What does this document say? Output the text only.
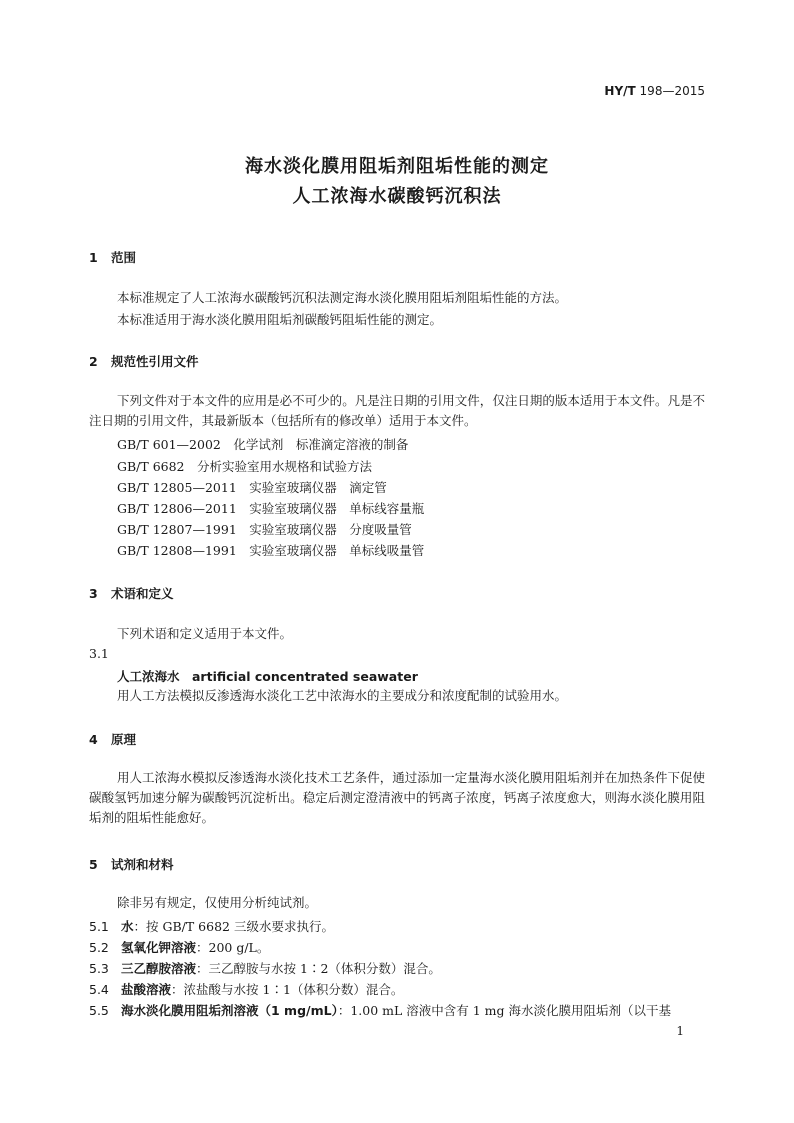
HY/T 198—2015
海水淡化膜用阻垢剂阻垢性能的测定
人工浓海水碳酸钙沉积法
1 范围
本标准规定了人工浓海水碳酸钙沉积法测定海水淡化膜用阻垢剂阻垢性能的方法。
本标准适用于海水淡化膜用阻垢剂碳酸钙阻垢性能的测定。
2 规范性引用文件
下列文件对于本文件的应用是必不可少的。凡是注日期的引用文件，仅注日期的版本适用于本文件。凡是不注日期的引用文件，其最新版本（包括所有的修改单）适用于本文件。
GB/T 601—2002　化学试剂　标准滴定溶液的制备
GB/T 6682　分析实验室用水规格和试验方法
GB/T 12805—2011　实验室玻璃仪器　滴定管
GB/T 12806—2011　实验室玻璃仪器　单标线容量瓶
GB/T 12807—1991　实验室玻璃仪器　分度吸量管
GB/T 12808—1991　实验室玻璃仪器　单标线吸量管
3 术语和定义
下列术语和定义适用于本文件。
3.1
人工浓海水　artificial concentrated seawater
用人工方法模拟反渗透海水淡化工艺中浓海水的主要成分和浓度配制的试验用水。
4 原理
用人工浓海水模拟反渗透海水淡化技术工艺条件，通过添加一定量海水淡化膜用阻垢剂并在加热条件下促使碳酸氢钙加速分解为碳酸钙沉淀析出。稳定后测定澄清液中的钙离子浓度，钙离子浓度愈大，则海水淡化膜用阻垢剂的阻垢性能愈好。
5 试剂和材料
除非另有规定，仅使用分析纯试剂。
5.1 水：按 GB/T 6682 三级水要求执行。
5.2 氢氧化钾溶液：200 g/L。
5.3 三乙醇胺溶液：三乙醇胺与水按 1∶2（体积分数）混合。
5.4 盐酸溶液：浓盐酸与水按 1∶1（体积分数）混合。
5.5 海水淡化膜用阻垢剂溶液（1 mg/mL）：1.00 mL 溶液中含有 1 mg 海水淡化膜用阻垢剂（以干基
1
